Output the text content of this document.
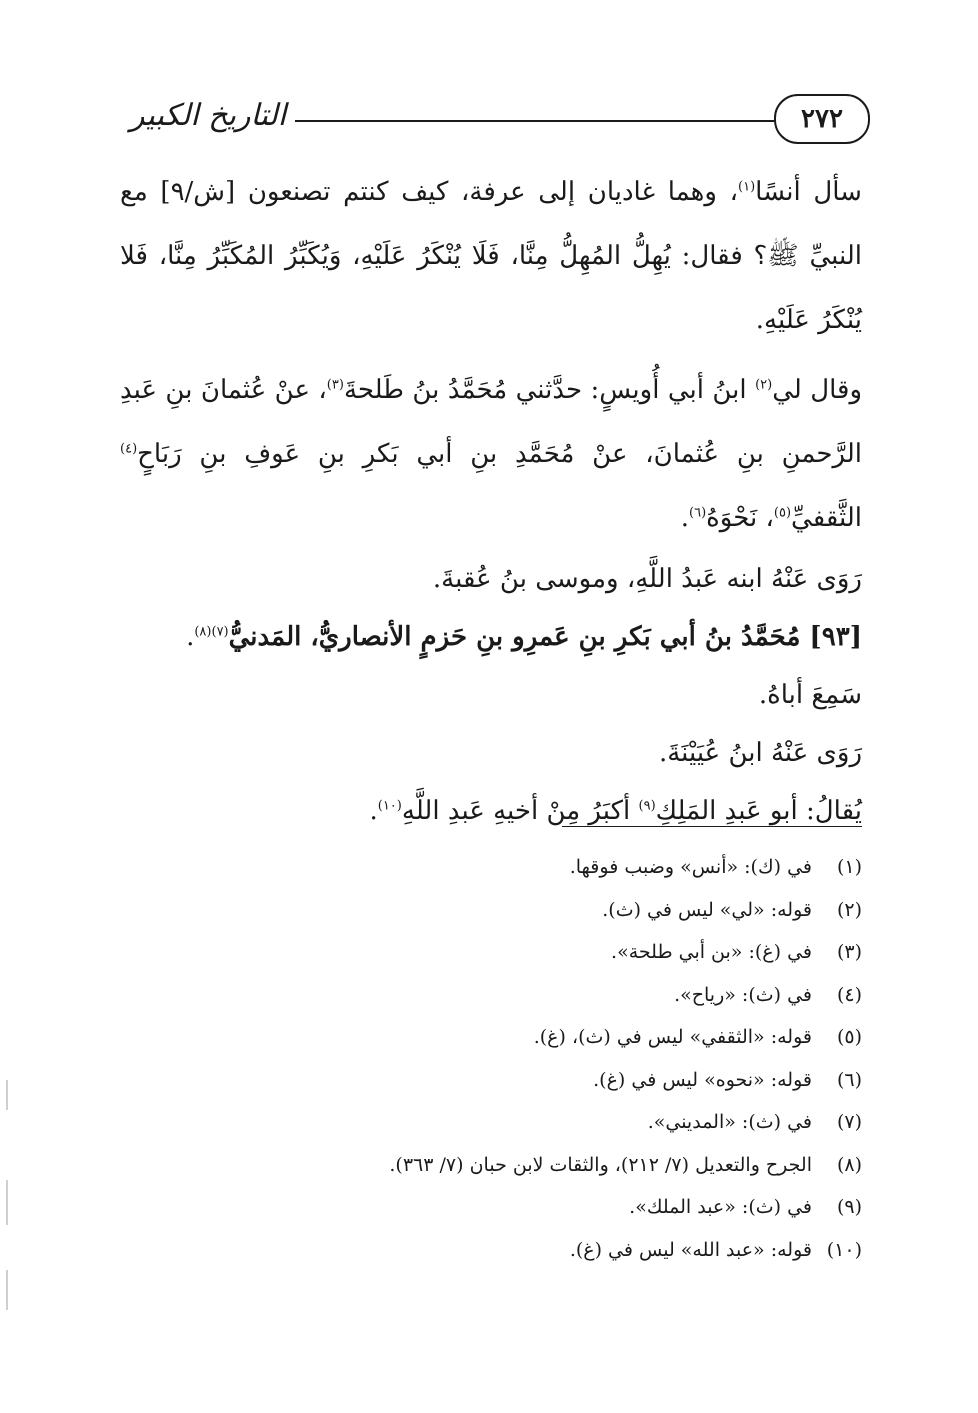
التاريخ الكبير	٢٧٢

سأل أنسًا$^{(١)}$، وهما غاديان إلى عرفة، كيف كنتم تصنعون [ش/٩] مع النبيِّ ﷺ؟ فقال: يُهِلُّ المُهِلُّ مِنَّا، فَلَا يُنْكَرُ عَلَيْهِ، وَيُكَبِّرُ المُكَبِّرُ مِنَّا، فَلا يُنْكَرُ عَلَيْهِ.

وقال لي$^{(٢)}$ ابنُ أبي أُويسٍ: حدَّثني مُحَمَّدُ بنُ طَلحةَ$^{(٣)}$، عنْ عُثمانَ بنِ عَبدِ الرَّحمنِ بنِ عُثمانَ، عنْ مُحَمَّدِ بنِ أبي بَكرِ بنِ عَوفِ بنِ رَبَاحٍ$^{(٤)}$ الثَّقفيِّ$^{(٥)}$، نَحْوَهُ$^{(٦)}$.

رَوَى عَنْهُ ابنه عَبدُ اللَّهِ، وموسى بنُ عُقبةَ.

[٩٣] مُحَمَّدُ بنُ أبي بَكرِ بنِ عَمرِو بنِ حَزمٍ الأنصاريُّ، المَدنيُّ$^{(٧)(٨)}$.

سَمِعَ أباهُ.

رَوَى عَنْهُ ابنُ عُيَيْنَةَ.

يُقالُ: أبو عَبدِ المَلِكِ$^{(٩)}$ أكبَرُ مِنْ أخيهِ عَبدِ اللَّهِ$^{(١٠)}$.

(١)في (ك): «أنس» وضبب فوقها.
(٢)قوله: «لي» ليس في (ث).
(٣)في (غ): «بن أبي طلحة».
(٤)في (ث): «رياح».
(٥)قوله: «الثقفي» ليس في (ث)، (غ).
(٦)قوله: «نحوه» ليس في (غ).
(٧)في (ث): «المديني».
(٨)الجرح والتعديل (٧/ ٢١٢)، والثقات لابن حبان (٧/ ٣٦٣).
(٩)في (ث): «عبد الملك».
(١٠)قوله: «عبد الله» ليس في (غ).
